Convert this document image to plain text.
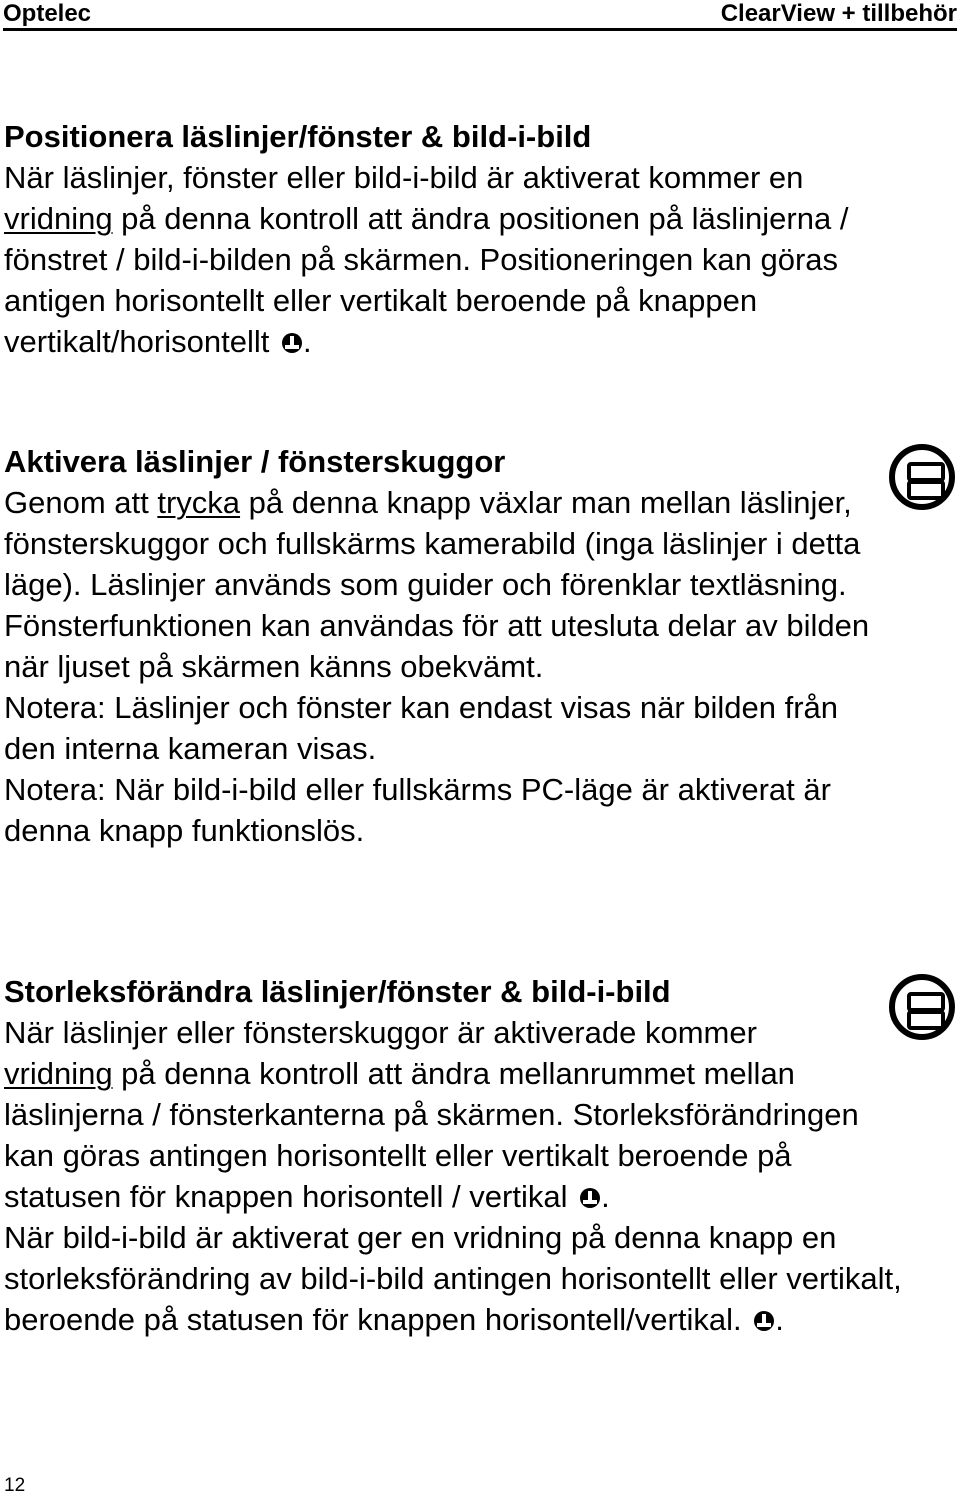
Optelec	ClearView + tillbehör

Positionera läslinjer/fönster & bild-i-bild

När läslinjer, fönster eller bild-i-bild är aktiverat kommer en
vridning på denna kontroll att ändra positionen på läslinjerna / fönstret / bild-i-bilden på skärmen. Positioneringen kan göras antigen horisontellt eller vertikalt beroende på knappen vertikalt/horisontellt .

Aktivera läslinjer / fönsterskuggor

Genom att trycka på denna knapp växlar man mellan läslinjer, fönsterskuggor och fullskärms kamerabild (inga läslinjer i detta läge). Läslinjer används som guider och förenklar textläsning. Fönsterfunktionen kan användas för att utesluta delar av bilden när ljuset på skärmen känns obekvämt.

Notera: Läslinjer och fönster kan endast visas när bilden från den interna kameran visas.

Notera: När bild-i-bild eller fullskärms PC-läge är aktiverat är denna knapp funktionslös.

Storleksförändra läslinjer/fönster & bild-i-bild

När läslinjer eller fönsterskuggor är aktiverade kommer
vridning på denna kontroll att ändra mellanrummet mellan läslinjerna / fönsterkanterna på skärmen. Storleksförändringen kan göras antingen horisontellt eller vertikalt beroende på statusen för knappen horisontell / vertikal .

När bild-i-bild är aktiverat ger en vridning på denna knapp en storleksförändring av bild-i-bild antingen horisontellt eller vertikalt, beroende på statusen för knappen horisontell/vertikal. .

12
